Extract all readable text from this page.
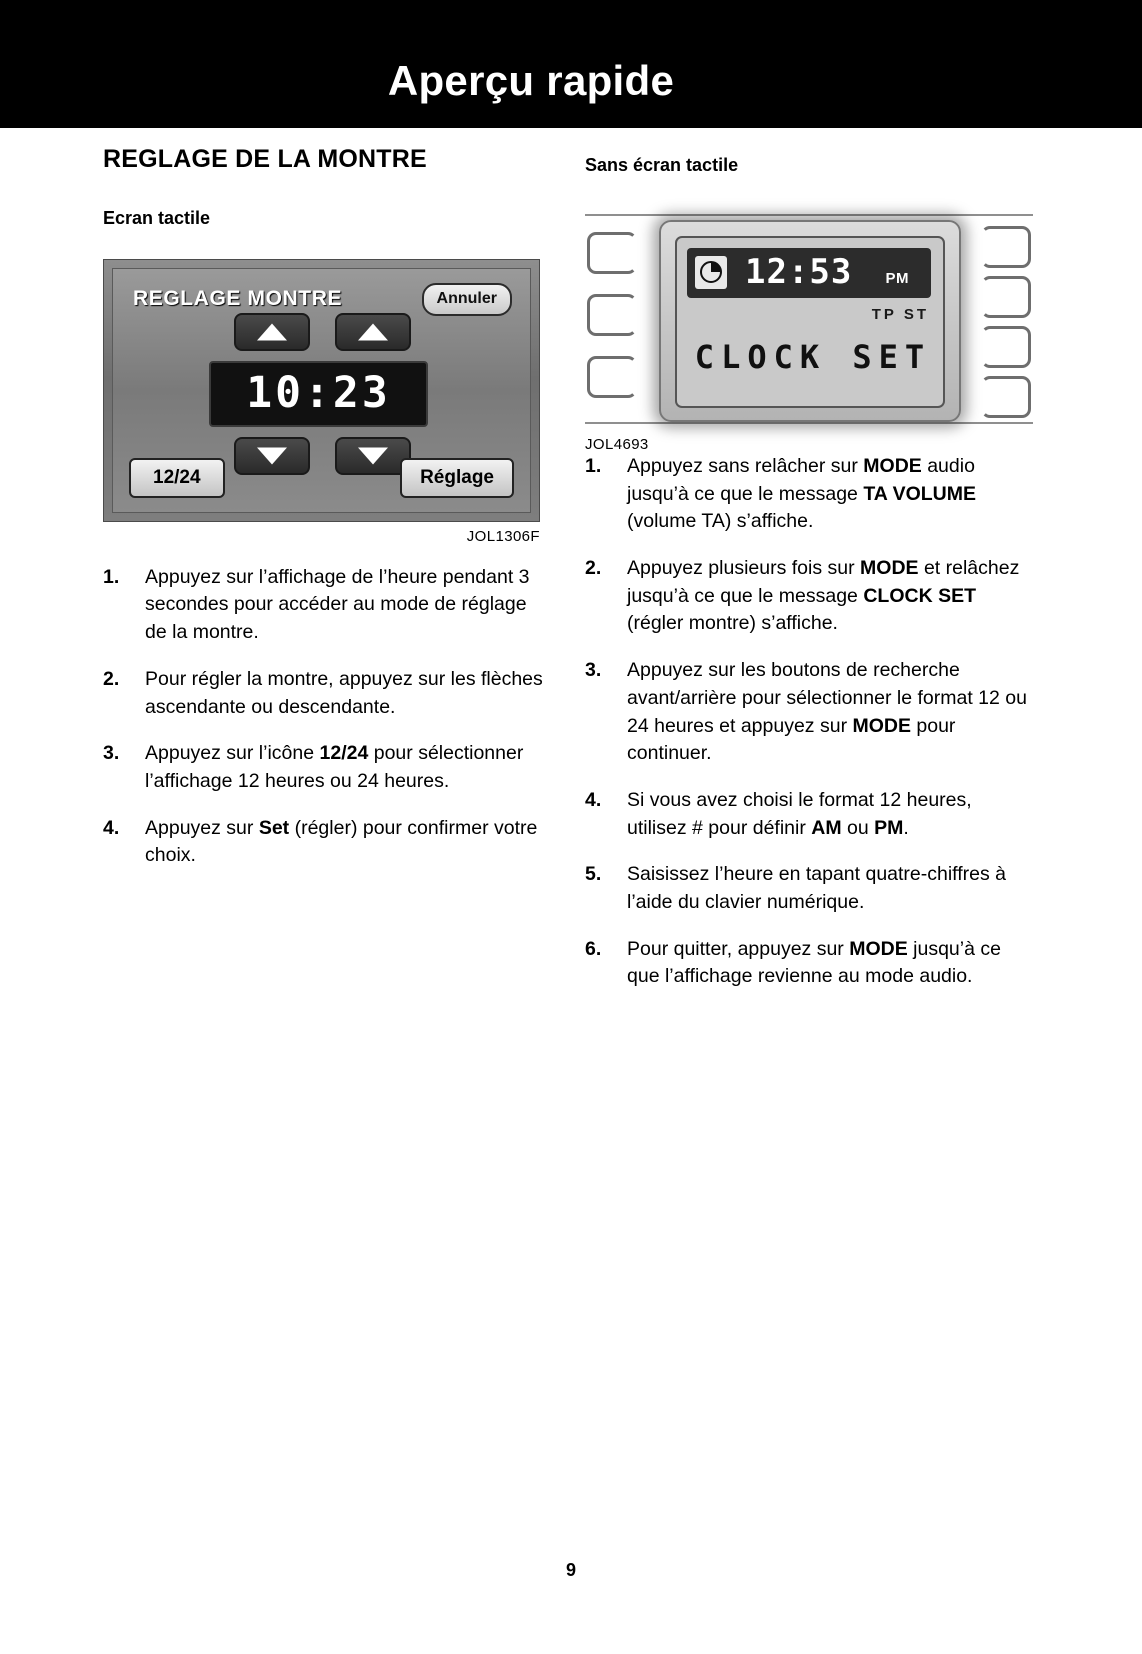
Aperçu rapide
REGLAGE DE LA MONTRE
Ecran tactile
REGLAGE MONTRE	Annuler
10:23
12/24	Réglage
JOL1306F
1.	Appuyez sur l’affichage de l’heure pendant 3 secondes pour accéder au mode de réglage de la montre.
2.	Pour régler la montre, appuyez sur les flèches ascendante ou descendante.
3.	Appuyez sur l’icône 12/24 pour sélectionner l’affichage 12 heures ou 24 heures.
4.	Appuyez sur Set (régler) pour confirmer votre choix.
Sans écran tactile
12:53 PM
TP ST
CLOCK SET
JOL4693
1.	Appuyez sans relâcher sur MODE audio jusqu’à ce que le message TA VOLUME (volume TA) s’affiche.
2.	Appuyez plusieurs fois sur MODE et relâchez jusqu’à ce que le message CLOCK SET (régler montre) s’affiche.
3.	Appuyez sur les boutons de recherche avant/arrière pour sélectionner le format 12 ou 24 heures et appuyez sur MODE pour continuer.
4.	Si vous avez choisi le format 12 heures, utilisez # pour définir AM ou PM.
5.	Saisissez l’heure en tapant quatre-chiffres à l’aide du clavier numérique.
6.	Pour quitter, appuyez sur MODE jusqu’à ce que l’affichage revienne au mode audio.
9
